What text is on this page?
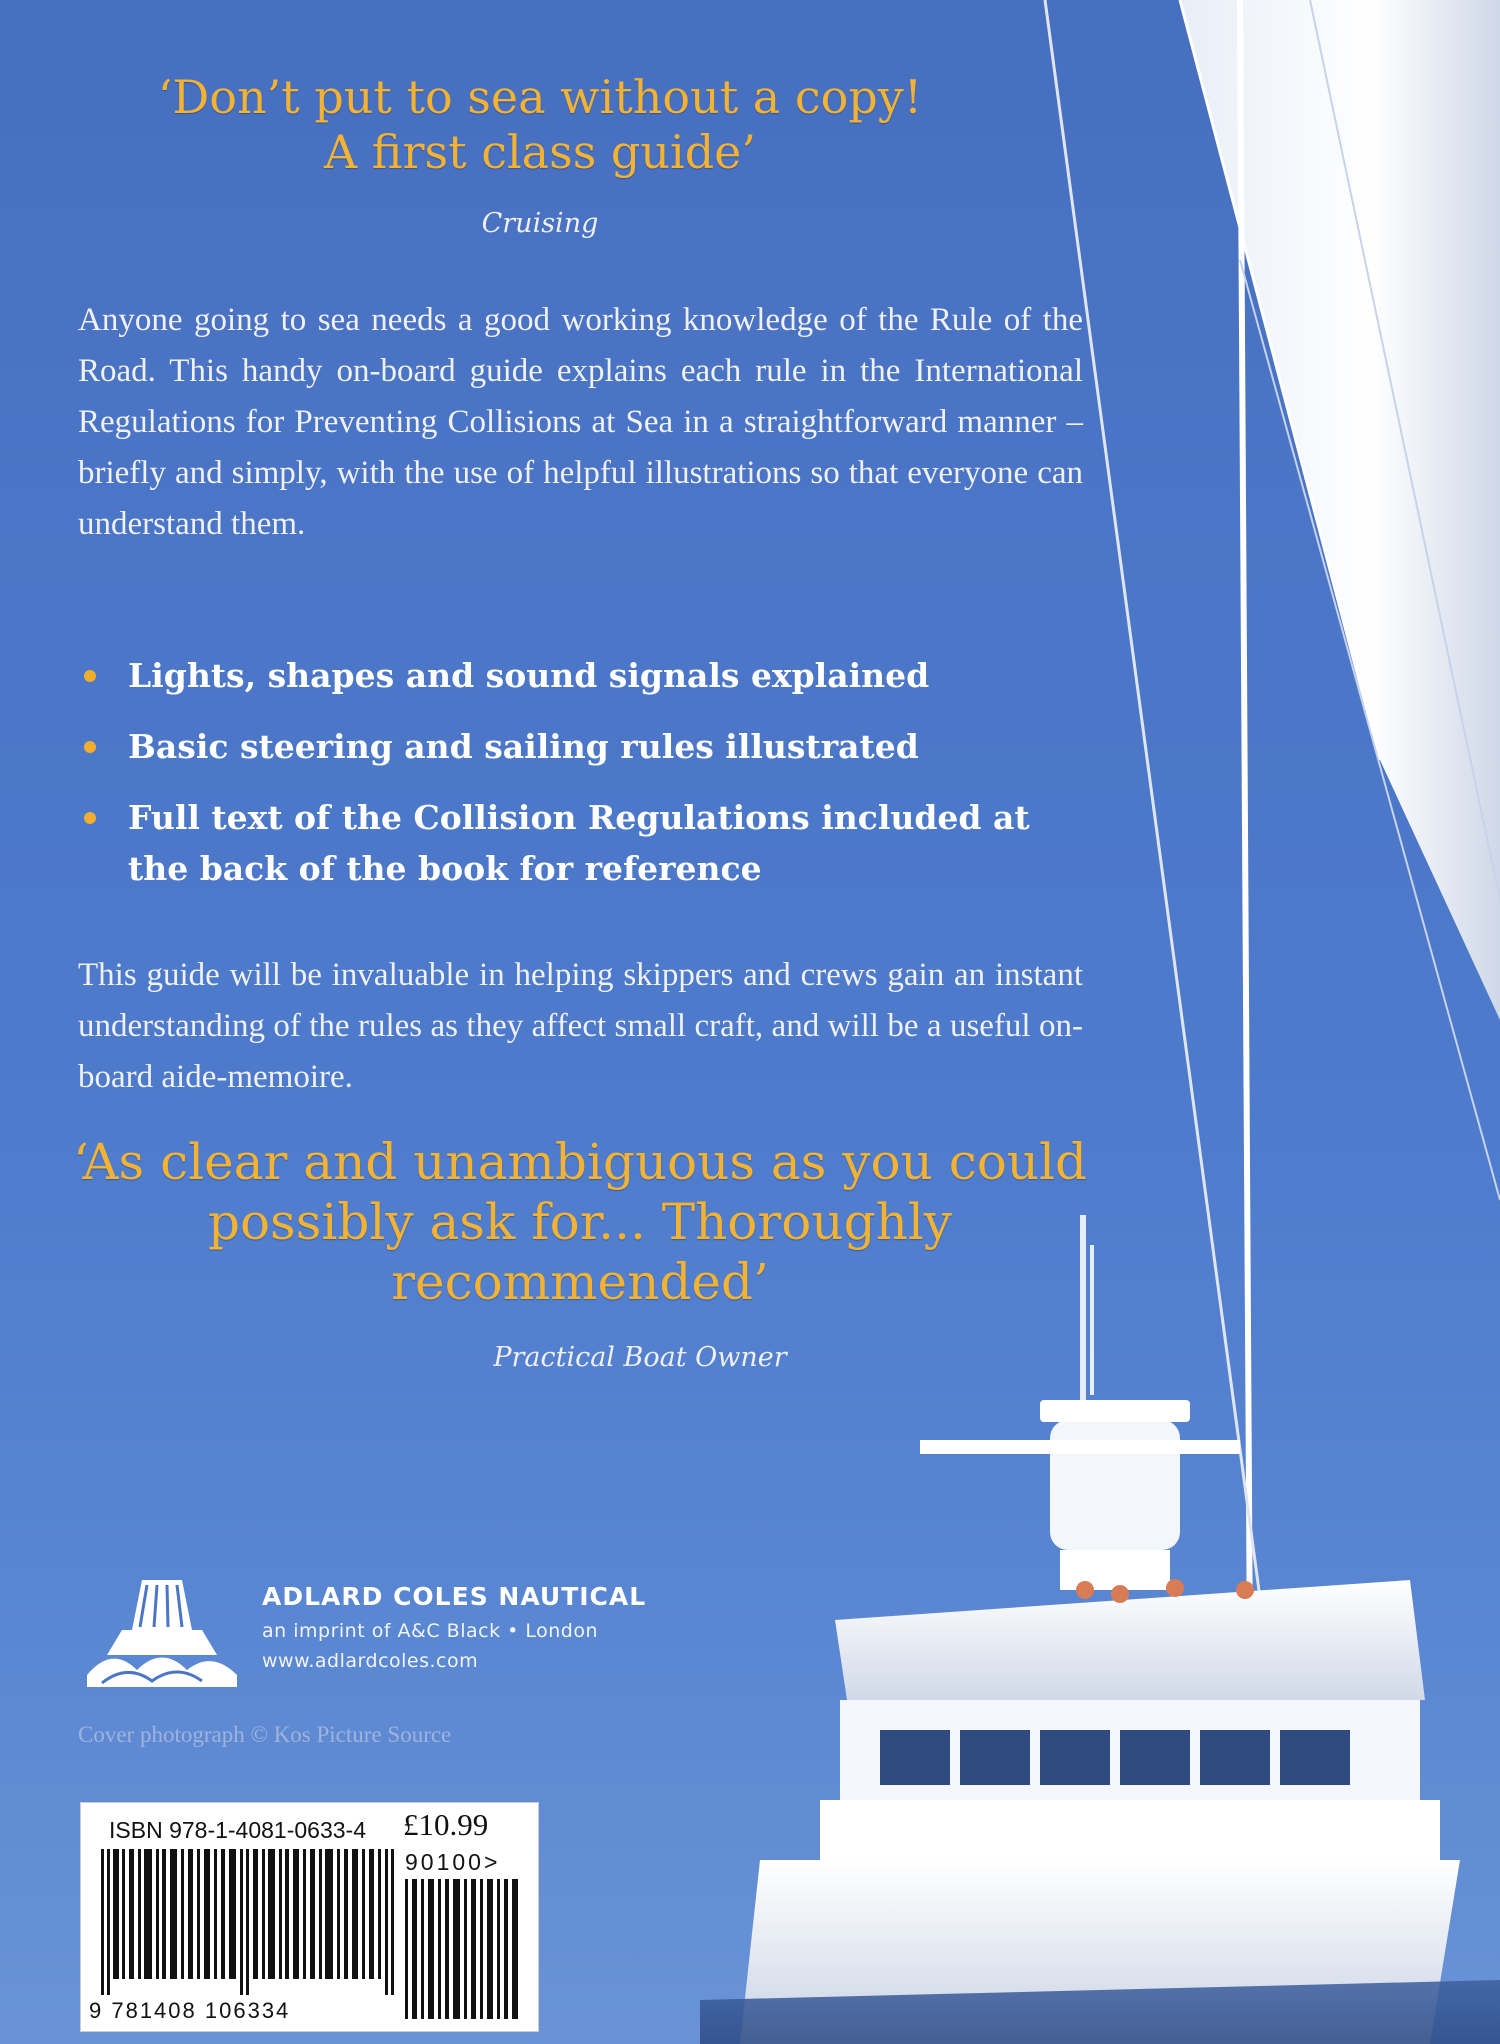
‘Don’t put to sea without a copy!
A first class guide’
Cruising

Anyone going to sea needs a good working knowledge of the Rule of the Road. This handy on-board guide explains each rule in the International Regulations for Preventing Collisions at Sea in a straightforward manner – briefly and simply, with the use of helpful illustrations so that everyone can understand them.

Lights, shapes and sound signals explained
Basic steering and sailing rules illustrated
Full text of the Collision Regulations included at the back of the book for reference

This guide will be invaluable in helping skippers and crews gain an instant understanding of the rules as they affect small craft, and will be a useful on-board aide-memoire.

‘As clear and unambiguous as you could
possibly ask for... Thoroughly
recommended’
Practical Boat Owner
ADLARD COLES NAUTICAL
an imprint of A&C Black • London
www.adlardcoles.com
Cover photograph © Kos Picture Source
ISBN 978-1-4081-0633-4 £10.99
90100>
9 781408 106334
